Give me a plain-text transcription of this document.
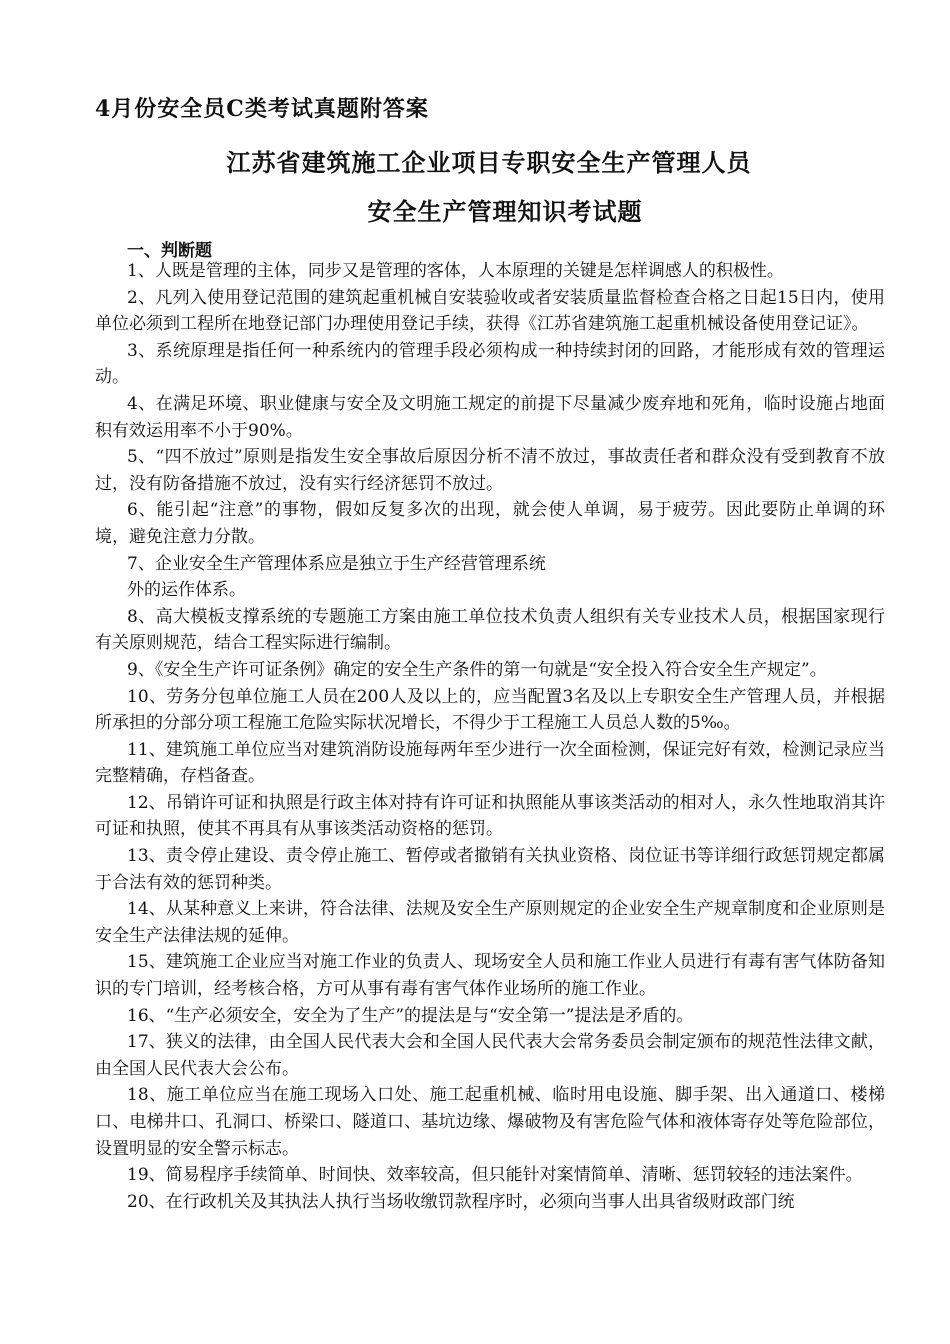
4月份安全员C类考试真题附答案
江苏省建筑施工企业项目专职安全生产管理人员
安全生产管理知识考试题
一、判断题
1、人既是管理的主体，同步又是管理的客体，人本原理的关键是怎样调感人的积极性。
2、凡列入使用登记范围的建筑起重机械自安装验收或者安装质量监督检查合格之日起15日内，使用单位必须到工程所在地登记部门办理使用登记手续，获得《江苏省建筑施工起重机械设备使用登记证》。
3、系统原理是指任何一种系统内的管理手段必须构成一种持续封闭的回路，才能形成有效的管理运动。
4、在满足环境、职业健康与安全及文明施工规定的前提下尽量减少废弃地和死角，临时设施占地面积有效运用率不小于90%。
5、“四不放过”原则是指发生安全事故后原因分析不清不放过，事故责任者和群众没有受到教育不放过，没有防备措施不放过，没有实行经济惩罚不放过。
6、能引起“注意”的事物，假如反复多次的出现，就会使人单调，易于疲劳。因此要防止单调的环境，避免注意力分散。
7、企业安全生产管理体系应是独立于生产经营管理系统
外的运作体系。
8、高大模板支撑系统的专题施工方案由施工单位技术负责人组织有关专业技术人员，根据国家现行有关原则规范，结合工程实际进行编制。
9、《安全生产许可证条例》确定的安全生产条件的第一句就是“安全投入符合安全生产规定”。
10、劳务分包单位施工人员在200人及以上的，应当配置3名及以上专职安全生产管理人员，并根据所承担的分部分项工程施工危险实际状况增长，不得少于工程施工人员总人数的5‰。
11、建筑施工单位应当对建筑消防设施每两年至少进行一次全面检测，保证完好有效，检测记录应当完整精确，存档备查。
12、吊销许可证和执照是行政主体对持有许可证和执照能从事该类活动的相对人，永久性地取消其许可证和执照，使其不再具有从事该类活动资格的惩罚。
13、责令停止建设、责令停止施工、暂停或者撤销有关执业资格、岗位证书等详细行政惩罚规定都属于合法有效的惩罚种类。
14、从某种意义上来讲，符合法律、法规及安全生产原则规定的企业安全生产规章制度和企业原则是安全生产法律法规的延伸。
15、建筑施工企业应当对施工作业的负责人、现场安全人员和施工作业人员进行有毒有害气体防备知识的专门培训，经考核合格，方可从事有毒有害气体作业场所的施工作业。
16、“生产必须安全，安全为了生产”的提法是与“安全第一”提法是矛盾的。
17、狭义的法律，由全国人民代表大会和全国人民代表大会常务委员会制定颁布的规范性法律文献，由全国人民代表大会公布。
18、施工单位应当在施工现场入口处、施工起重机械、临时用电设施、脚手架、出入通道口、楼梯口、电梯井口、孔洞口、桥梁口、隧道口、基坑边缘、爆破物及有害危险气体和液体寄存处等危险部位，设置明显的安全警示标志。
19、简易程序手续简单、时间快、效率较高，但只能针对案情简单、清晰、惩罚较轻的违法案件。
20、在行政机关及其执法人执行当场收缴罚款程序时，必须向当事人出具省级财政部门统
